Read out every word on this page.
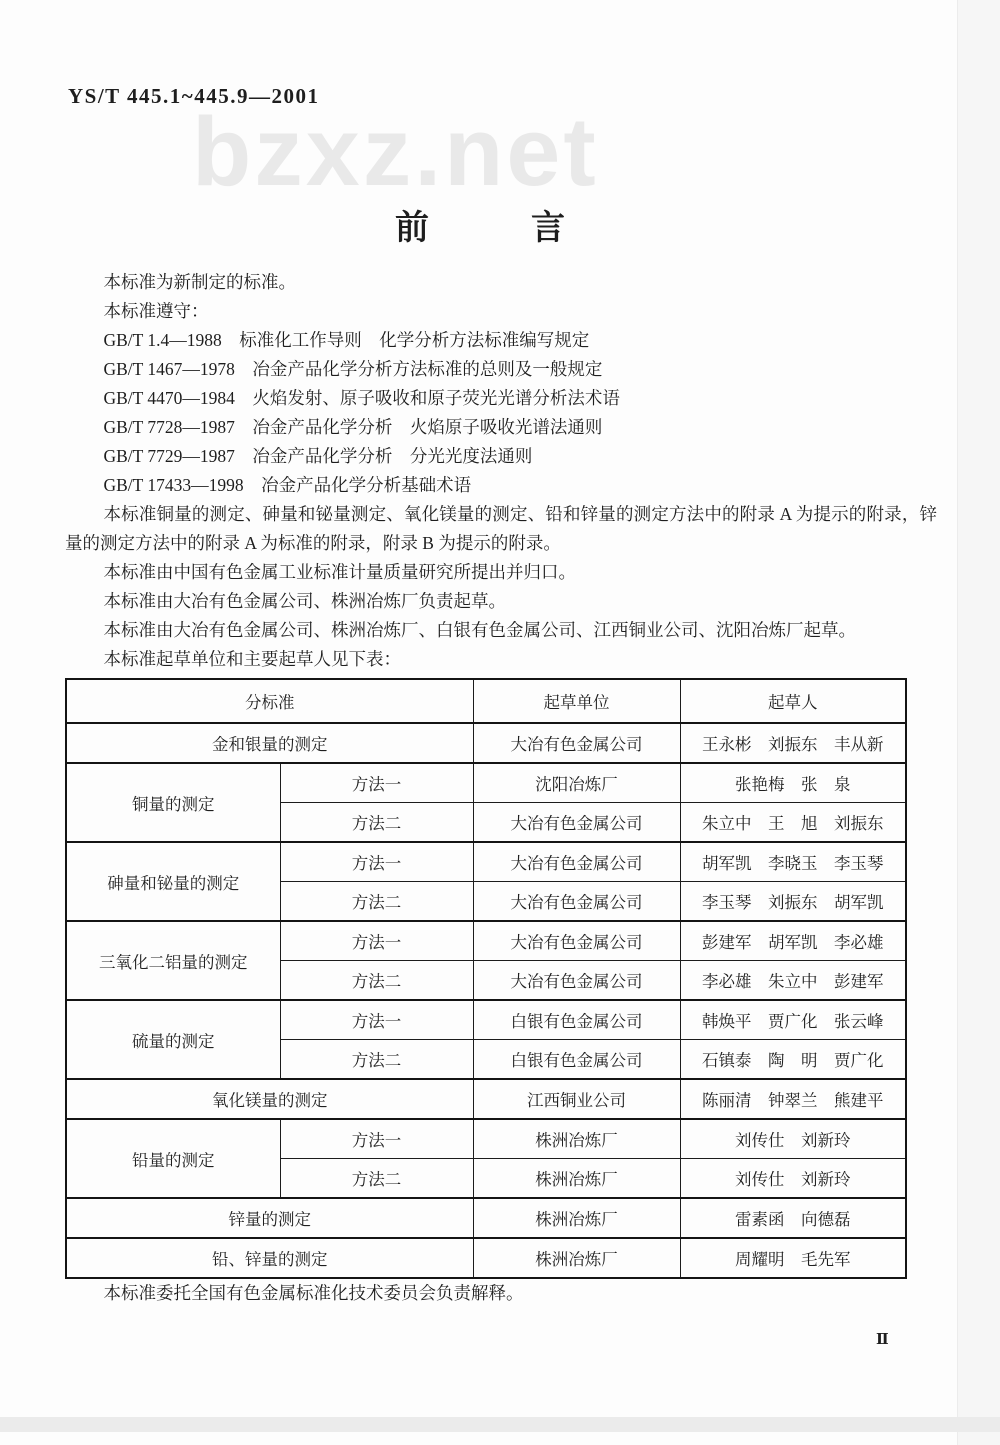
bzxz.net
YS/T 445.1~445.9—2001
前　　　言

本标准为新制定的标准。

本标准遵守：

GB/T 1.4—1988　标准化工作导则　化学分析方法标准编写规定

GB/T 1467—1978　冶金产品化学分析方法标准的总则及一般规定

GB/T 4470—1984　火焰发射、原子吸收和原子荧光光谱分析法术语

GB/T 7728—1987　冶金产品化学分析　火焰原子吸收光谱法通则

GB/T 7729—1987　冶金产品化学分析　分光光度法通则

GB/T 17433—1998　冶金产品化学分析基础术语

本标准铜量的测定、砷量和铋量测定、氧化镁量的测定、铅和锌量的测定方法中的附录 A 为提示的附录，锌量的测定方法中的附录 A 为标准的附录，附录 B 为提示的附录。

本标准由中国有色金属工业标准计量质量研究所提出并归口。

本标准由大冶有色金属公司、株洲冶炼厂负责起草。

本标准由大冶有色金属公司、株洲冶炼厂、白银有色金属公司、江西铜业公司、沈阳冶炼厂起草。

本标准起草单位和主要起草人见下表：

分标准		起草单位	起草人
金和银量的测定		大冶有色金属公司	王永彬　刘振东　丰从新
铜量的测定	方法一	沈阳冶炼厂	张艳梅　张　泉
	方法二	大冶有色金属公司	朱立中　王　旭　刘振东
砷量和铋量的测定	方法一	大冶有色金属公司	胡军凯　李晓玉　李玉琴
	方法二	大冶有色金属公司	李玉琴　刘振东　胡军凯
三氧化二铝量的测定	方法一	大冶有色金属公司	彭建军　胡军凯　李必雄
	方法二	大冶有色金属公司	李必雄　朱立中　彭建军
硫量的测定	方法一	白银有色金属公司	韩焕平　贾广化　张云峰
	方法二	白银有色金属公司	石镇泰　陶　明　贾广化
氧化镁量的测定		江西铜业公司	陈丽清　钟翠兰　熊建平
铅量的测定	方法一	株洲冶炼厂	刘传仕　刘新玲
	方法二	株洲冶炼厂	刘传仕　刘新玲
锌量的测定		株洲冶炼厂	雷素函　向德磊
铅、锌量的测定		株洲冶炼厂	周耀明　毛先军

本标准委托全国有色金属标准化技术委员会负责解释。

Ⅱ
